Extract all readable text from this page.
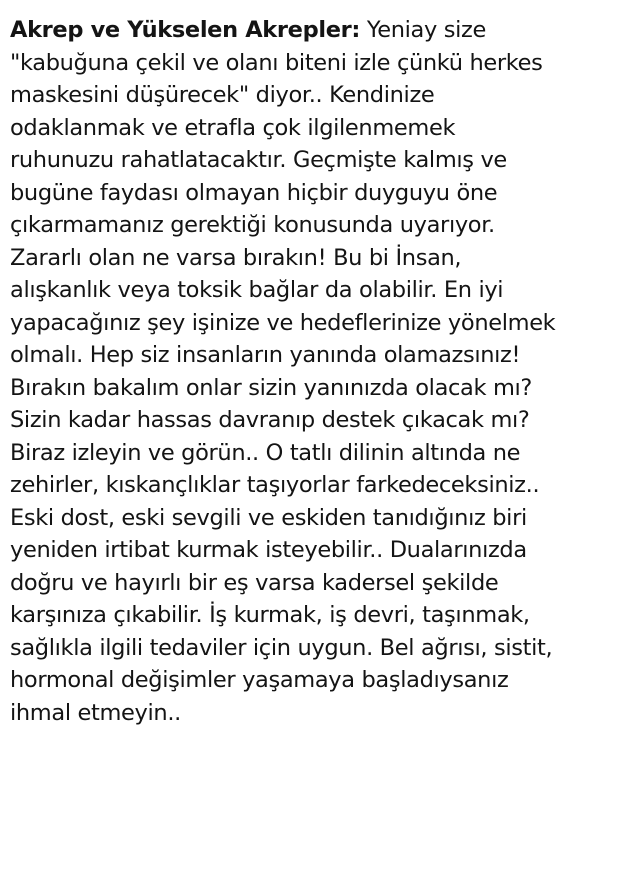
Akrep ve Yükselen Akrepler: Yeniay size
"kabuğuna çekil ve olanı biteni izle çünkü herkes
maskesini düşürecek" diyor.. Kendinize
odaklanmak ve etrafla çok ilgilenmemek
ruhunuzu rahatlatacaktır. Geçmişte kalmış ve
bugüne faydası olmayan hiçbir duyguyu öne
çıkarmamanız gerektiği konusunda uyarıyor.
Zararlı olan ne varsa bırakın! Bu bi İnsan,
alışkanlık veya toksik bağlar da olabilir. En iyi
yapacağınız şey işinize ve hedeflerinize yönelmek
olmalı. Hep siz insanların yanında olamazsınız!
Bırakın bakalım onlar sizin yanınızda olacak mı?
Sizin kadar hassas davranıp destek çıkacak mı?
Biraz izleyin ve görün.. O tatlı dilinin altında ne
zehirler, kıskançlıklar taşıyorlar farkedeceksiniz..
Eski dost, eski sevgili ve eskiden tanıdığınız biri
yeniden irtibat kurmak isteyebilir.. Dualarınızda
doğru ve hayırlı bir eş varsa kadersel şekilde
karşınıza çıkabilir. İş kurmak, iş devri, taşınmak,
sağlıkla ilgili tedaviler için uygun. Bel ağrısı, sistit,
hormonal değişimler yaşamaya başladıysanız
ihmal etmeyin..
